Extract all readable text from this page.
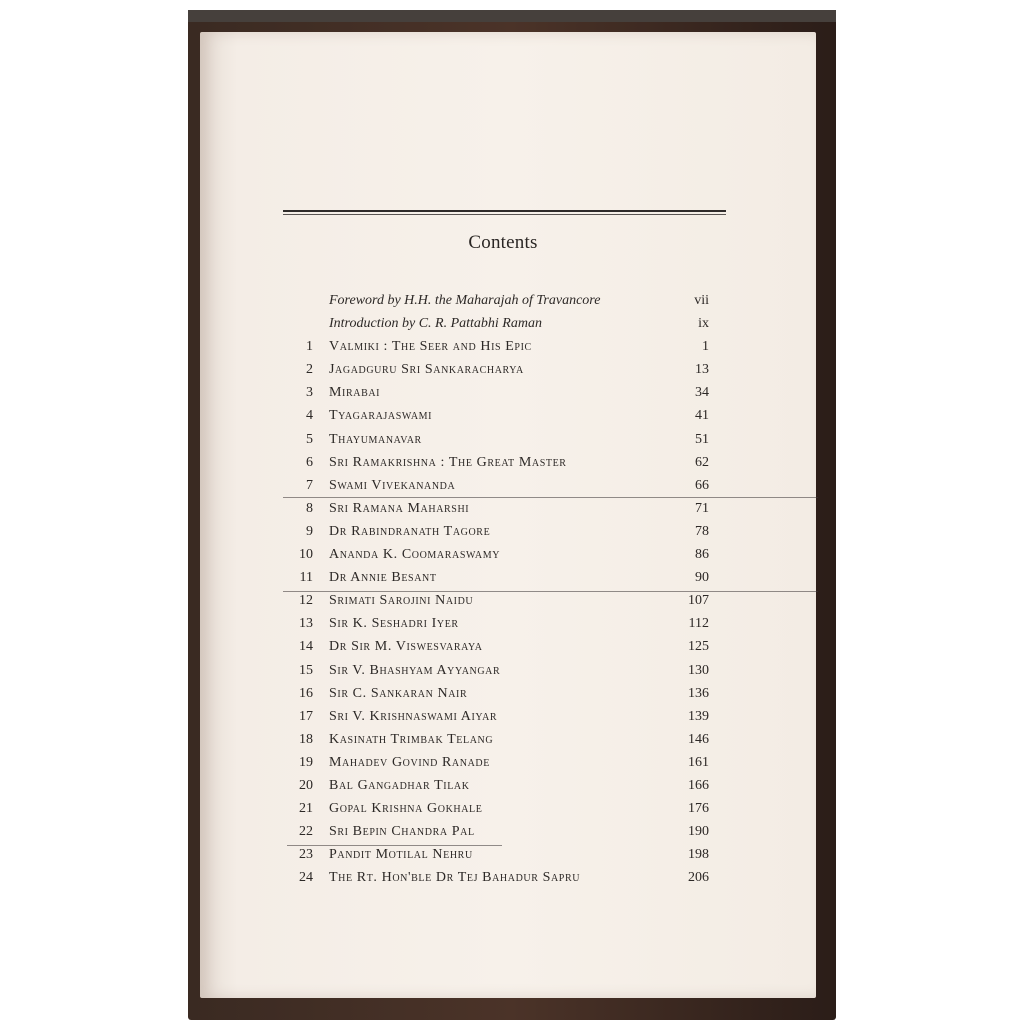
Contents
Foreword by H.H. the Maharajah of Travancore	vii
Introduction by C. R. Pattabhi Raman	ix
1 Valmiki : The Seer and His Epic	1
2 Jagadguru Sri Sankaracharya	13
3 Mirabai	34
4 Tyagarajaswami	41
5 Thayumanavar	51
6 Sri Ramakrishna : The Great Master	62
7 Swami Vivekananda	66
8 Sri Ramana Maharshi	71
9 Dr Rabindranath Tagore	78
10 Ananda K. Coomaraswamy	86
11 Dr Annie Besant	90
12 Srimati Sarojini Naidu	107
13 Sir K. Seshadri Iyer	112
14 Dr Sir M. Viswesvaraya	125
15 Sir V. Bhashyam Ayyangar	130
16 Sir C. Sankaran Nair	136
17 Sri V. Krishnaswami Aiyar	139
18 Kasinath Trimbak Telang	146
19 Mahadev Govind Ranade	161
20 Bal Gangadhar Tilak	166
21 Gopal Krishna Gokhale	176
22 Sri Bepin Chandra Pal	190
23 Pandit Motilal Nehru	198
24 The Rt. Hon'ble Dr Tej Bahadur Sapru	206
